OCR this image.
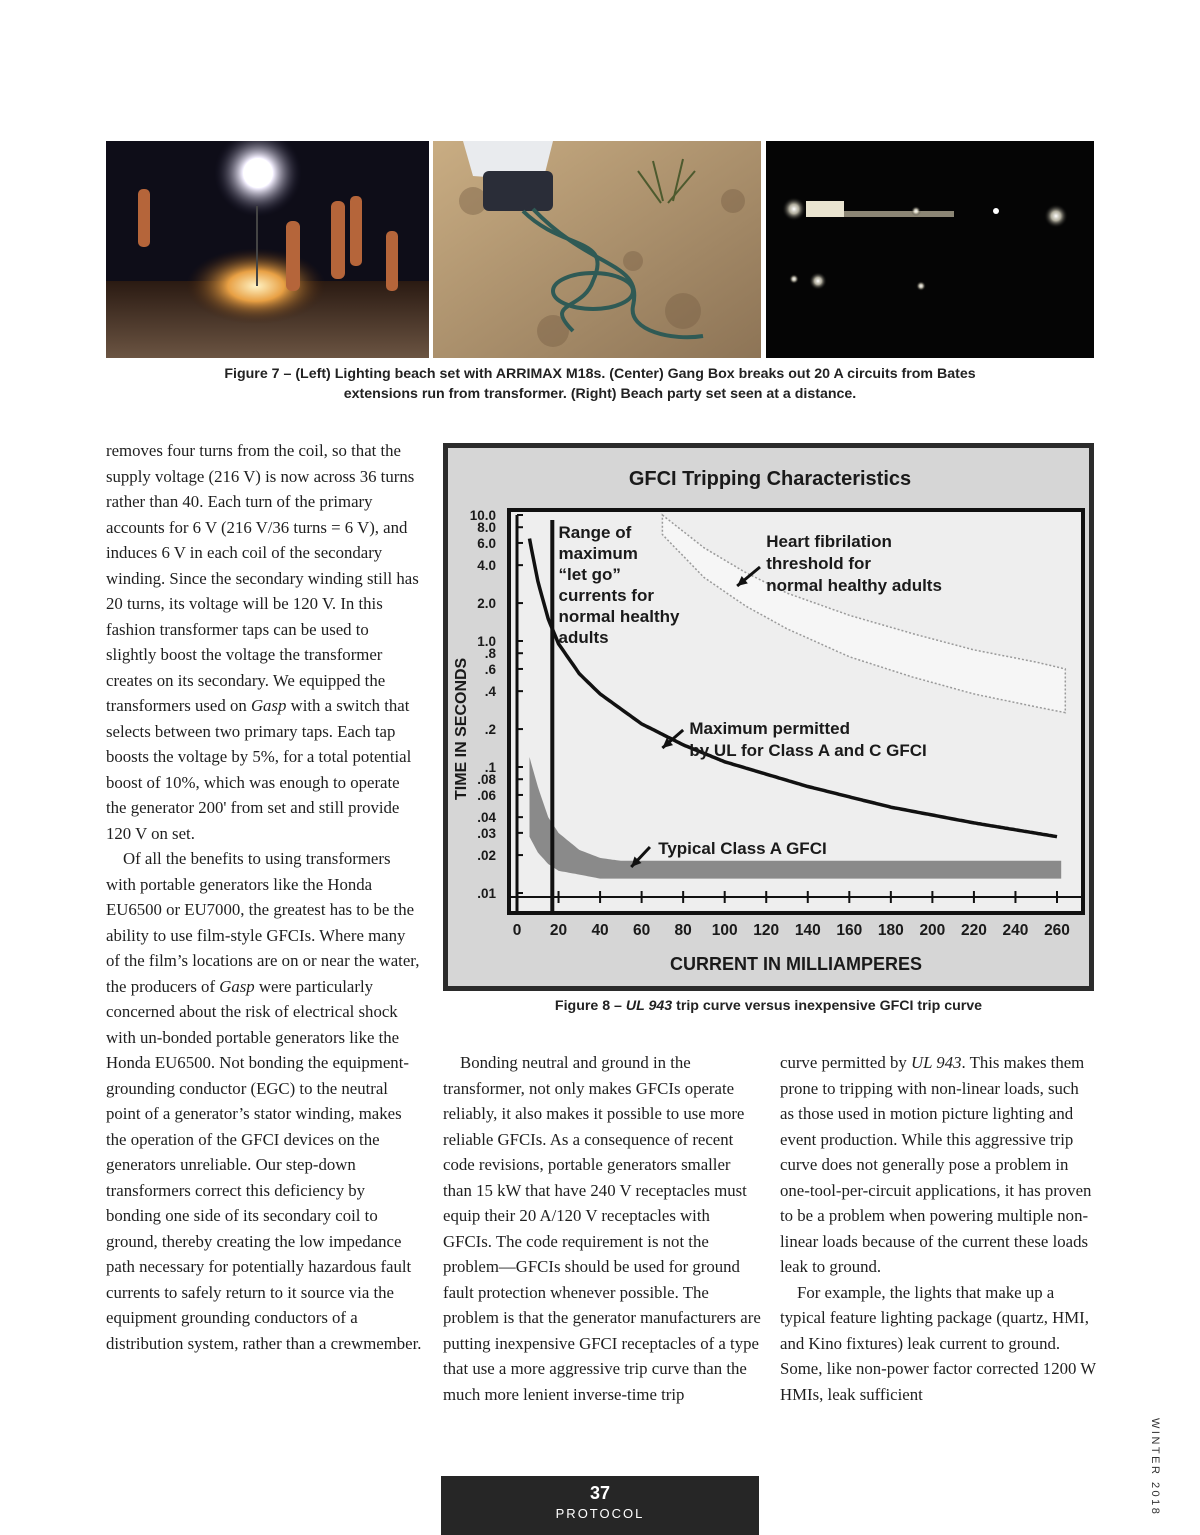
Figure 7 – (Left) Lighting beach set with ARRIMAX M18s. (Center) Gang Box breaks out 20 A circuits from Bates
extensions run from transformer. (Right) Beach party set seen at a distance.

removes four turns from the coil, so that the supply voltage (216 V) is now across 36 turns rather than 40. Each turn of the primary accounts for 6 V (216 V/36 turns = 6 V), and induces 6 V in each coil of the secondary winding. Since the secondary winding still has 20 turns, its voltage will be 120 V. In this fashion transformer taps can be used to slightly boost the voltage the transformer creates on its secondary. We equipped the transformers used on Gasp with a switch that selects between two primary taps. Each tap boosts the voltage by 5%, for a total potential boost of 10%, which was enough to operate the generator 200' from set and still provide 120 V on set.

Of all the benefits to using transformers with portable generators like the Honda EU6500 or EU7000, the greatest has to be the ability to use film-style GFCIs. Where many of the film’s locations are on or near the water, the producers of Gasp were particularly concerned about the risk of electrical shock with un-bonded portable generators like the Honda EU6500. Not bonding the equipment-grounding conductor (EGC) to the neutral point of a generator’s stator winding, makes the operation of the GFCI devices on the generators unreliable. Our step-down transformers correct this deficiency by bonding one side of its secondary coil to ground, thereby creating the low impedance path necessary for potentially hazardous fault currents to safely return to it source via the equipment grounding conductors of a distribution system, rather than a crewmember.

GFCI Tripping Characteristics
TIME IN SECONDS
CURRENT IN MILLIAMPERES
10.0
8.0
6.0
4.0
2.0
1.0
.8
.6
.4
.2
.1
.08
.06
.04
.03
.02
.01
0 20 40 60 80 100 120 140 160 180 200 220 240 260
Range of
maximum
“let go”
currents for
normal healthy
adults
Heart fibrilation
threshold for
normal healthy adults
Maximum permitted
by UL for Class A and C GFCI
Typical Class A GFCI
Figure 8 – UL 943 trip curve versus inexpensive GFCI trip curve

Bonding neutral and ground in the transformer, not only makes GFCIs operate reliably, it also makes it possible to use more reliable GFCIs. As a consequence of recent code revisions, portable generators smaller than 15 kW that have 240 V receptacles must equip their 20 A/120 V receptacles with GFCIs. The code requirement is not the problem—GFCIs should be used for ground fault protection whenever possible. The problem is that the generator manufacturers are putting inexpensive GFCI receptacles of a type that use a more aggressive trip curve than the much more lenient inverse-time trip

curve permitted by UL 943. This makes them prone to tripping with non-linear loads, such as those used in motion picture lighting and event production. While this aggressive trip curve does not generally pose a problem in one-tool-per-circuit applications, it has proven to be a problem when powering multiple non-linear loads because of the current these loads leak to ground.

For example, the lights that make up a typical feature lighting package (quartz, HMI, and Kino fixtures) leak current to ground. Some, like non-power factor corrected 1200 W HMIs, leak sufficient

37
PROTOCOL	WINTER 2018
